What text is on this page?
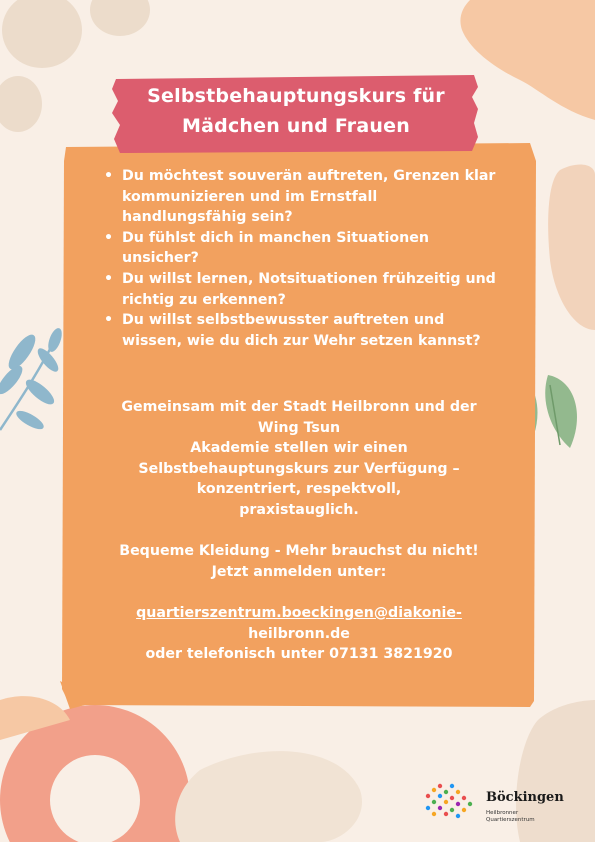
• Du möchtest souverän auftreten, Grenzen klar kommunizieren und im Ernstfall handlungsfähig sein?
• Du fühlst dich in manchen Situationen unsicher?
• Du willst lernen, Notsituationen frühzeitig und richtig zu erkennen?
• Du willst selbstbewusster auftreten und wissen, wie du dich zur Wehr setzen kannst?
Gemeinsam mit der Stadt Heilbronn und der
Wing Tsun
Akademie stellen wir einen
Selbstbehauptungskurs zur Verfügung –
konzentriert, respektvoll,
praxistauglich.
Bequeme Kleidung - Mehr brauchst du nicht!
Jetzt anmelden unter:
quartierszentrum.boeckingen@diakonie-
heilbronn.de
oder telefonisch unter 07131 3821920
Selbstbehauptungskurs für
Mädchen und Frauen
Böckingen
Heilbronner
Quartierszentrum
